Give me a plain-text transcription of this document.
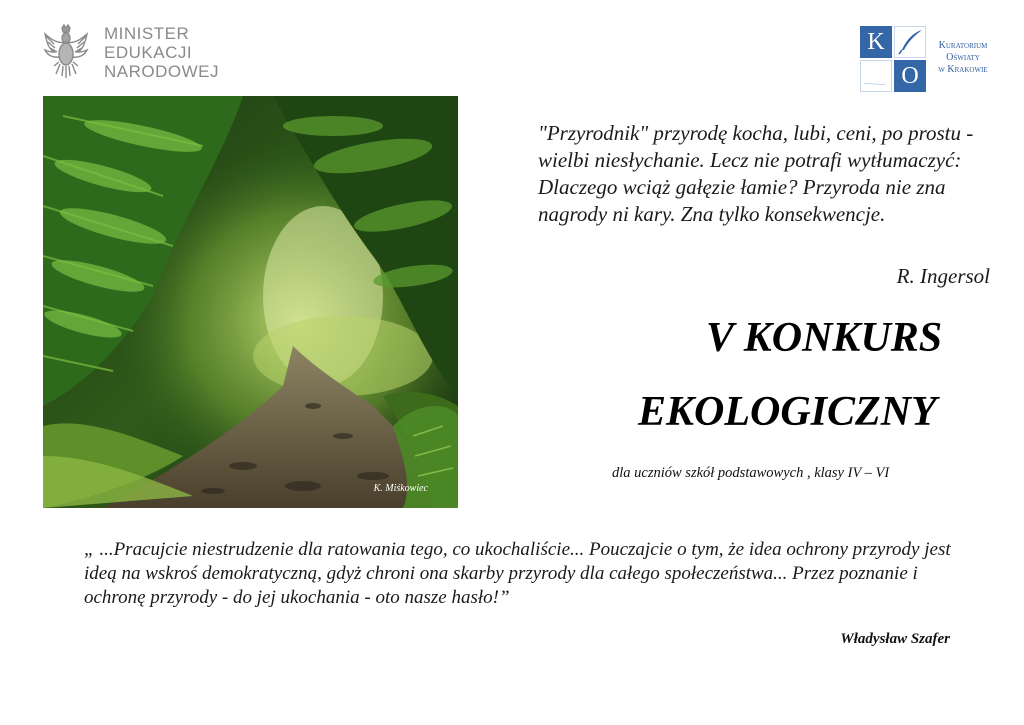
MINISTER
EDUKACJI
NARODOWEJ
K
O
Kuratorium
Oświaty
w Krakowie
K. Miśkowiec
"Przyrodnik" przyrodę kocha, lubi, ceni, po prostu - wielbi niesłychanie. Lecz nie potrafi wytłumaczyć: Dlaczego wciąż gałęzie łamie? Przyroda nie zna nagrody ni kary. Zna tylko konsekwencje.
R. Ingersol
V KONKURS
EKOLOGICZNY
dla uczniów szkół podstawowych , klasy IV – VI
„ ...Pracujcie niestrudzenie dla ratowania tego, co ukochaliście... Pouczajcie o tym, że idea ochrony przyrody jest ideą na wskroś demokratyczną, gdyż chroni ona skarby przyrody dla całego społeczeństwa... Przez poznanie i ochronę przyrody - do jej ukochania - oto nasze hasło!”
Władysław Szafer
